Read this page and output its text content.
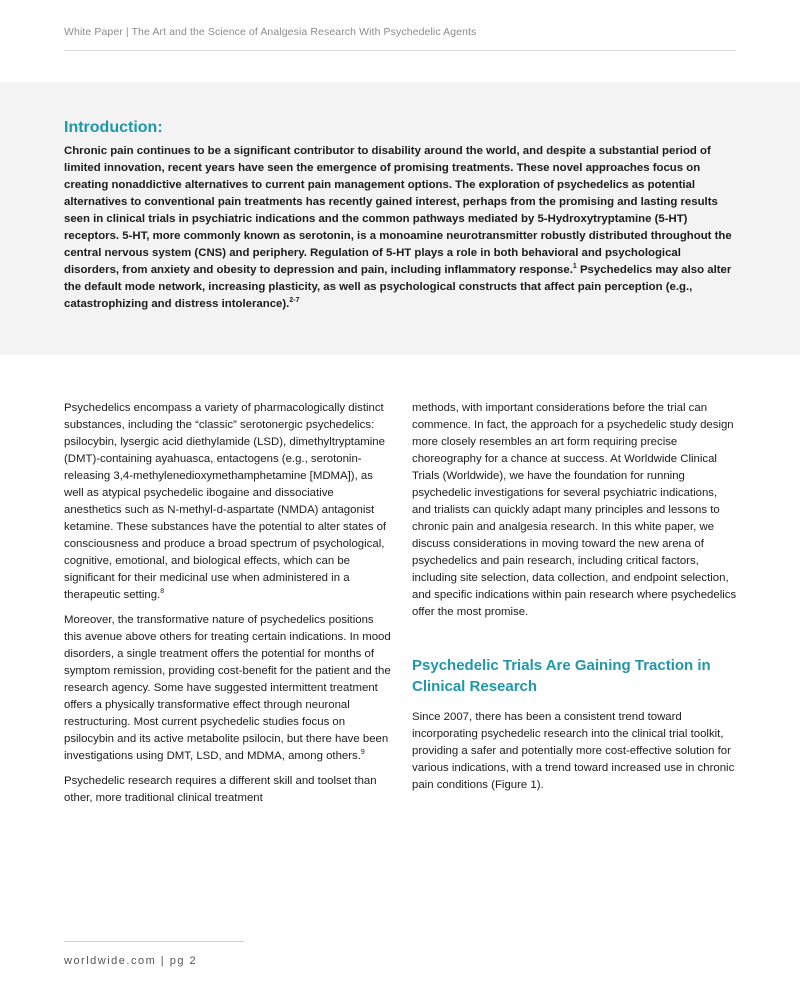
White Paper | The Art and the Science of Analgesia Research With Psychedelic Agents
Introduction:

Chronic pain continues to be a significant contributor to disability around the world, and despite a substantial period of limited innovation, recent years have seen the emergence of promising treatments. These novel approaches focus on creating nonaddictive alternatives to current pain management options. The exploration of psychedelics as potential alternatives to conventional pain treatments has recently gained interest, perhaps from the promising and lasting results seen in clinical trials in psychiatric indications and the common pathways mediated by 5-Hydroxytryptamine (5-HT) receptors. 5-HT, more commonly known as serotonin, is a monoamine neurotransmitter robustly distributed throughout the central nervous system (CNS) and periphery. Regulation of 5-HT plays a role in both behavioral and psychological disorders, from anxiety and obesity to depression and pain, including inflammatory response.$^1$ Psychedelics may also alter the default mode network, increasing plasticity, as well as psychological constructs that affect pain perception (e.g., catastrophizing and distress intolerance).$^{2-7}$

Psychedelics encompass a variety of pharmacologically distinct substances, including the “classic” serotonergic psychedelics: psilocybin, lysergic acid diethylamide (LSD), dimethyltryptamine (DMT)-containing ayahuasca, entactogens (e.g., serotonin-releasing 3,4-methylenedioxymethamphetamine [MDMA]), as well as atypical psychedelic ibogaine and dissociative anesthetics such as N-methyl-d-aspartate (NMDA) antagonist ketamine. These substances have the potential to alter states of consciousness and produce a broad spectrum of psychological, cognitive, emotional, and biological effects, which can be significant for their medicinal use when administered in a therapeutic setting.$^8$

Moreover, the transformative nature of psychedelics positions this avenue above others for treating certain indications. In mood disorders, a single treatment offers the potential for months of symptom remission, providing cost-benefit for the patient and the research agency. Some have suggested intermittent treatment offers a physically transformative effect through neuronal restructuring. Most current psychedelic studies focus on psilocybin and its active metabolite psilocin, but there have been investigations using DMT, LSD, and MDMA, among others.$^9$

Psychedelic research requires a different skill and toolset than other, more traditional clinical treatment

methods, with important considerations before the trial can commence. In fact, the approach for a psychedelic study design more closely resembles an art form requiring precise choreography for a chance at success. At Worldwide Clinical Trials (Worldwide), we have the foundation for running psychedelic investigations for several psychiatric indications, and trialists can quickly adapt many principles and lessons to chronic pain and analgesia research. In this white paper, we discuss considerations in moving toward the new arena of psychedelics and pain research, including critical factors, including site selection, data collection, and endpoint selection, and specific indications within pain research where psychedelics offer the most promise.

Psychedelic Trials Are Gaining Traction in Clinical Research

Since 2007, there has been a consistent trend toward incorporating psychedelic research into the clinical trial toolkit, providing a safer and potentially more cost-effective solution for various indications, with a trend toward increased use in chronic pain conditions (Figure 1).

worldwide.com | pg 2
